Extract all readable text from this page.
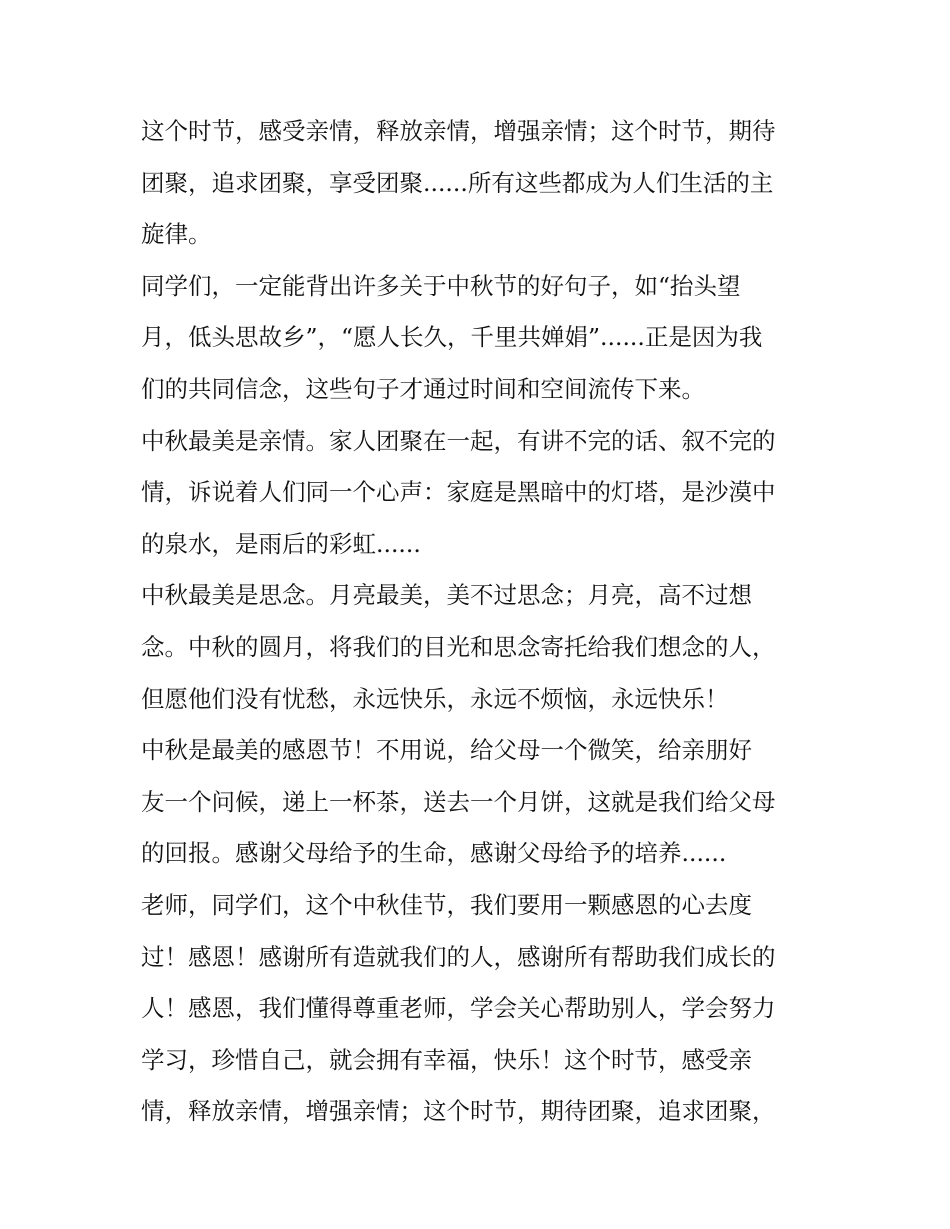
这个时节，感受亲情，释放亲情，增强亲情；这个时节，期待
团聚，追求团聚，享受团聚......所有这些都成为人们生活的主
旋律。
同学们，一定能背出许多关于中秋节的好句子，如“抬头望
月，低头思故乡”，“愿人长久，千里共婵娟”......正是因为我
们的共同信念，这些句子才通过时间和空间流传下来。
中秋最美是亲情。家人团聚在一起，有讲不完的话、叙不完的
情，诉说着人们同一个心声：家庭是黑暗中的灯塔，是沙漠中
的泉水，是雨后的彩虹......
中秋最美是思念。月亮最美，美不过思念；月亮，高不过想
念。中秋的圆月，将我们的目光和思念寄托给我们想念的人，
但愿他们没有忧愁，永远快乐，永远不烦恼，永远快乐！
中秋是最美的感恩节！不用说，给父母一个微笑，给亲朋好
友一个问候，递上一杯茶，送去一个月饼，这就是我们给父母
的回报。感谢父母给予的生命，感谢父母给予的培养......
老师，同学们，这个中秋佳节，我们要用一颗感恩的心去度
过！感恩！感谢所有造就我们的人，感谢所有帮助我们成长的
人！感恩，我们懂得尊重老师，学会关心帮助别人，学会努力
学习，珍惜自己，就会拥有幸福，快乐！这个时节，感受亲
情，释放亲情，增强亲情；这个时节，期待团聚，追求团聚，
